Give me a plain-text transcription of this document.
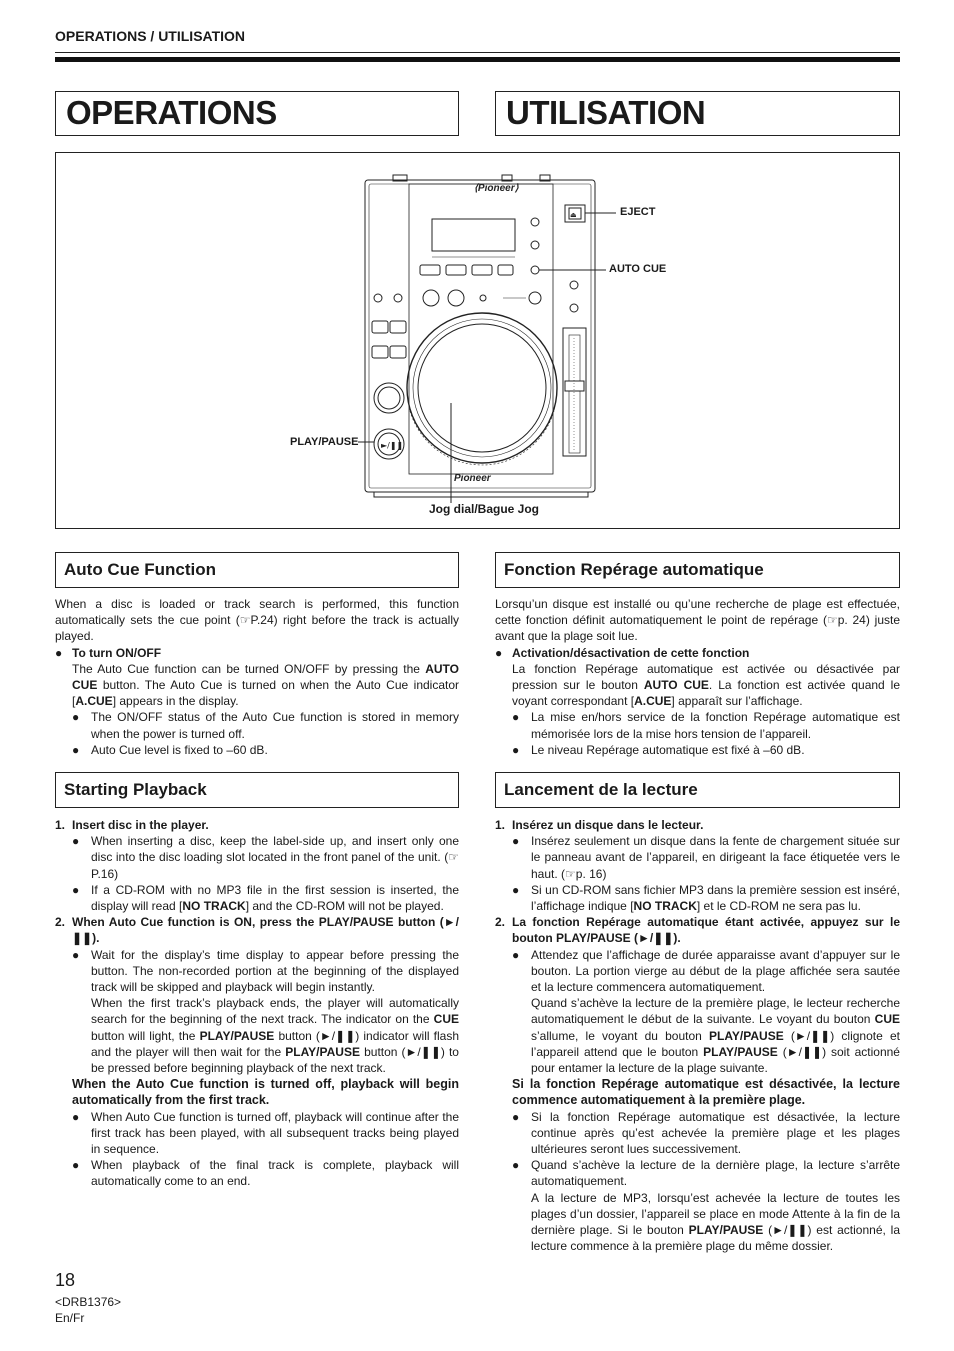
OPERATIONS / UTILISATION
OPERATIONS	UTILISATION
⟨Pioneer⟩
⏏
►/❚❚
Pioneer
EJECT
AUTO CUE
PLAY/PAUSE
Jog dial/Bague Jog
Auto Cue Function

When a disc is loaded or track search is performed, this function automatically sets the cue point (☞P.24) right before the track is actually played.

● To turn ON/OFF

The Auto Cue function can be turned ON/OFF by pressing the AUTO CUE button. The Auto Cue is turned on when the Auto Cue indicator [A.CUE] appears in the display.

● The ON/OFF status of the Auto Cue function is stored in memory when the power is turned off.
● Auto Cue level is fixed to –60 dB.
Starting Playback
1. Insert disc in the player.
● When inserting a disc, keep the label-side up, and insert only one disc into the disc loading slot located in the front panel of the unit. (☞P.16)
● If a CD-ROM with no MP3 file in the first session is inserted, the display will read [NO TRACK] and the CD-ROM will not be played.
2. When Auto Cue function is ON, press the PLAY/PAUSE button (►/❚❚).
● Wait for the display’s time display to appear before pressing the button. The non-recorded portion at the beginning of the displayed track will be skipped and playback will begin instantly.
When the first track’s playback ends, the player will automatically search for the beginning of the next track. The indicator on the CUE button will light, the PLAY/PAUSE button (►/❚❚) indicator will flash and the player will then wait for the PLAY/PAUSE button (►/❚❚) to be pressed before beginning playback of the next track.

When the Auto Cue function is turned off, playback will begin automatically from the first track.

● When Auto Cue function is turned off, playback will continue after the first track has been played, with all subsequent tracks being played in sequence.
● When playback of the final track is complete, playback will automatically come to an end.
Fonction Repérage automatique

Lorsqu’un disque est installé ou qu’une recherche de plage est effectuée, cette fonction définit automatiquement le point de repérage (☞p. 24) juste avant que la plage soit lue.

● Activation/désactivation de cette fonction

La fonction Repérage automatique est activée ou désactivée par pression sur le bouton AUTO CUE. La fonction est activée quand le voyant correspondant [A.CUE] apparaît sur l’affichage.

● La mise en/hors service de la fonction Repérage automatique est mémorisée lors de la mise hors tension de l’appareil.
● Le niveau Repérage automatique est fixé à –60 dB.
Lancement de la lecture
1. Insérez un disque dans le lecteur.
● Insérez seulement un disque dans la fente de chargement située sur le panneau avant de l’appareil, en dirigeant la face étiquetée vers le haut. (☞p. 16)
● Si un CD-ROM sans fichier MP3 dans la première session est inséré, l’affichage indique [NO TRACK] et le CD-ROM ne sera pas lu.
2. La fonction Repérage automatique étant activée, appuyez sur le bouton PLAY/PAUSE (►/❚❚).
● Attendez que l’affichage de durée apparaisse avant d’appuyer sur le bouton. La portion vierge au début de la plage affichée sera sautée et la lecture commencera automatiquement.
Quand s’achève la lecture de la première plage, le lecteur recherche automatiquement le début de la suivante. Le voyant du bouton CUE s’allume, le voyant du bouton PLAY/PAUSE (►/❚❚) clignote et l’appareil attend que le bouton PLAY/PAUSE (►/❚❚) soit actionné pour entamer la lecture de la plage suivante.

Si la fonction Repérage automatique est désactivée, la lecture commence automatiquement à la première plage.

● Si la fonction Repérage automatique est désactivée, la lecture continue après qu’est achevée la première plage et les plages ultérieures seront lues successivement.
● Quand s’achève la lecture de la dernière plage, la lecture s’arrête automatiquement.
A la lecture de MP3, lorsqu’est achevée la lecture de toutes les plages d’un dossier, l’appareil se place en mode Attente à la fin de la dernière plage. Si le bouton PLAY/PAUSE (►/❚❚) est actionné, la lecture commence à la première plage du même dossier.
18
<DRB1376>
En/Fr
